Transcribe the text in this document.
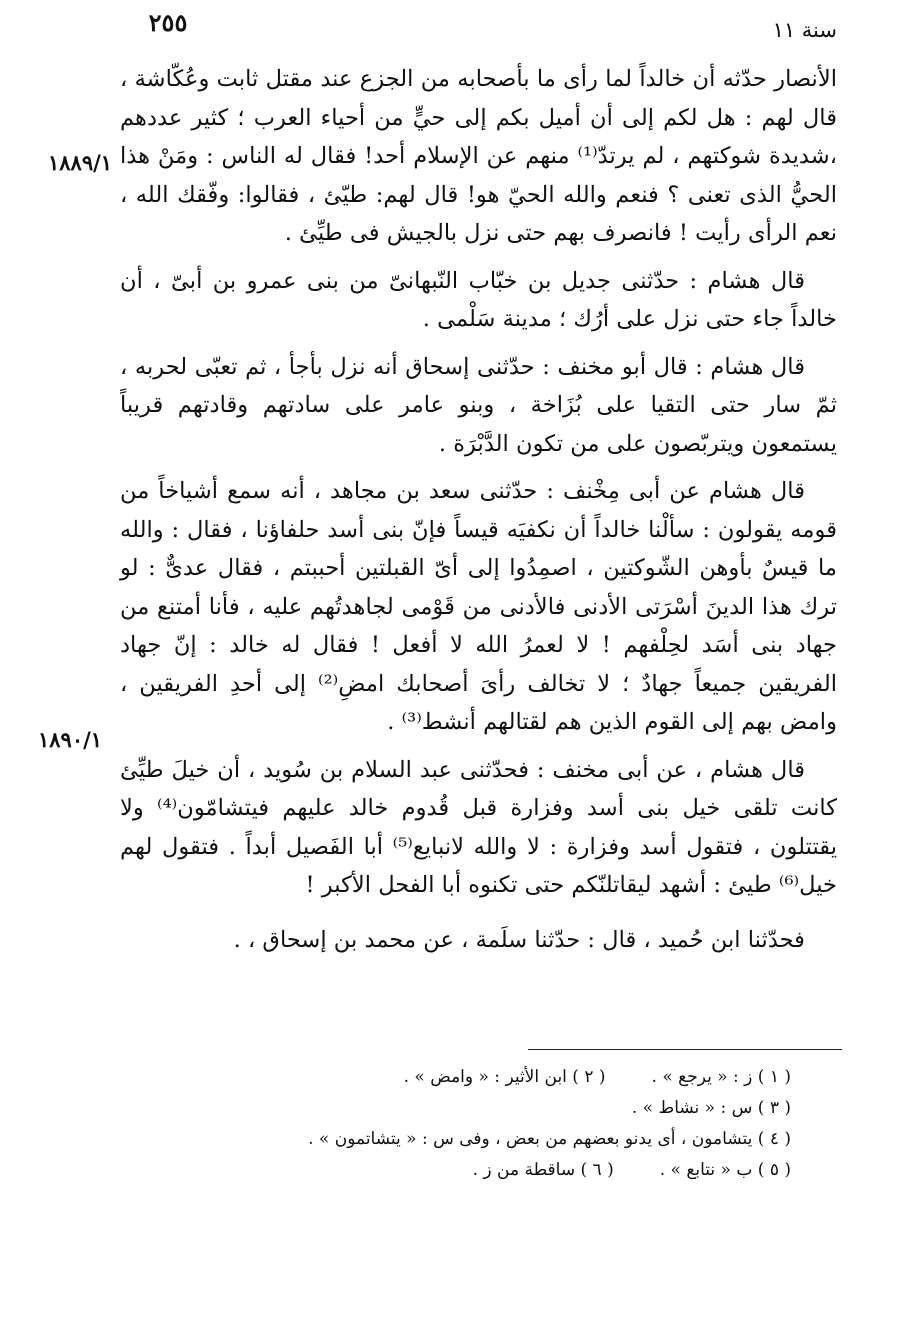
٢٥٥	سنة ١١
١٨٨٩/١
١٨٩٠/١

الأنصار حدّثه أن خالداً لما رأى ما بأصحابه من الجزع عند مقتل ثابت وعُكّاشة ، قال لهم : هل لكم إلى أن أميل بكم إلى حيٍّ من أحياء العرب ؛ كثير عددهم ،شديدة شوكتهم ، لم يرتدّ⁽¹⁾ منهم عن الإسلام أحد! فقال له الناس : ومَنْ هذا الحيُّ الذى تعنى ؟ فنعم والله الحيّ هو! قال لهم: طيّئ ، فقالوا: وفّقك الله ، نعم الرأى رأيت ! فانصرف بهم حتى نزل بالجيش فى طيِّئ .

قال هشام : حدّثنى جديل بن خبّاب النّبهانىّ من بنى عمرو بن أبىّ ، أن خالداً جاء حتى نزل على أرُك ؛ مدينة سَلْمى .

قال هشام : قال أبو مخنف : حدّثنى إسحاق أنه نزل بأجأ ، ثم تعبّى لحربه ، ثمّ سار حتى التقيا على بُزَاخة ، وبنو عامر على سادتهم وقادتهم قريباً يستمعون ويتربّصون على من تكون الدَّبْرَة .

قال هشام عن أبى مِخْنف : حدّثنى سعد بن مجاهد ، أنه سمع أشياخاً من قومه يقولون : سألْنا خالداً أن نكفيَه قيساً فإنّ بنى أسد حلفاؤنا ، فقال : والله ما قيسٌ بأوهن الشّوكتين ، اصمِدُوا إلى أىّ القبلتين أحببتم ، فقال عدىٌّ : لو ترك هذا الدينَ أسْرَتى الأدنى فالأدنى من قَوْمى لجاهدتُهم عليه ، فأنا أمتنع من جهاد بنى أسَد لحِلْفهم ! لا لعمرُ الله لا أفعل ! فقال له خالد : إنّ جهاد الفريقين جميعاً جهادٌ ؛ لا تخالف رأىَ أصحابك امضِ⁽²⁾ إلى أحدِ الفريقين ، وامض بهم إلى القوم الذين هم لقتالهم أنشط⁽³⁾ .

قال هشام ، عن أبى مخنف : فحدّثنى عبد السلام بن سُويد ، أن خيلَ طيِّئ كانت تلقى خيل بنى أسد وفزارة قبل قُدوم خالد عليهم فيتشامّون⁽⁴⁾ ولا يقتتلون ، فتقول أسد وفزارة : لا والله لانبايع⁽⁵⁾ أبا الفَصيل أبداً . فتقول لهم خيل⁽⁶⁾ طيئ : أشهد ليقاتلنّكم حتى تكنوه أبا الفحل الأكبر !

فحدّثنا ابن حُميد ، قال : حدّثنا سلَمة ، عن محمد بن إسحاق ، .

( ١ ) ز : « يرجع » .( ٢ ) ابن الأثير : « وامض » .
( ٣ ) س : « نشاط » .
( ٤ ) يتشامون ، أى يدنو بعضهم من بعض ، وفى س : « يتشاتمون » .
( ٥ ) ب « نتابع » .( ٦ ) ساقطة من ز .
